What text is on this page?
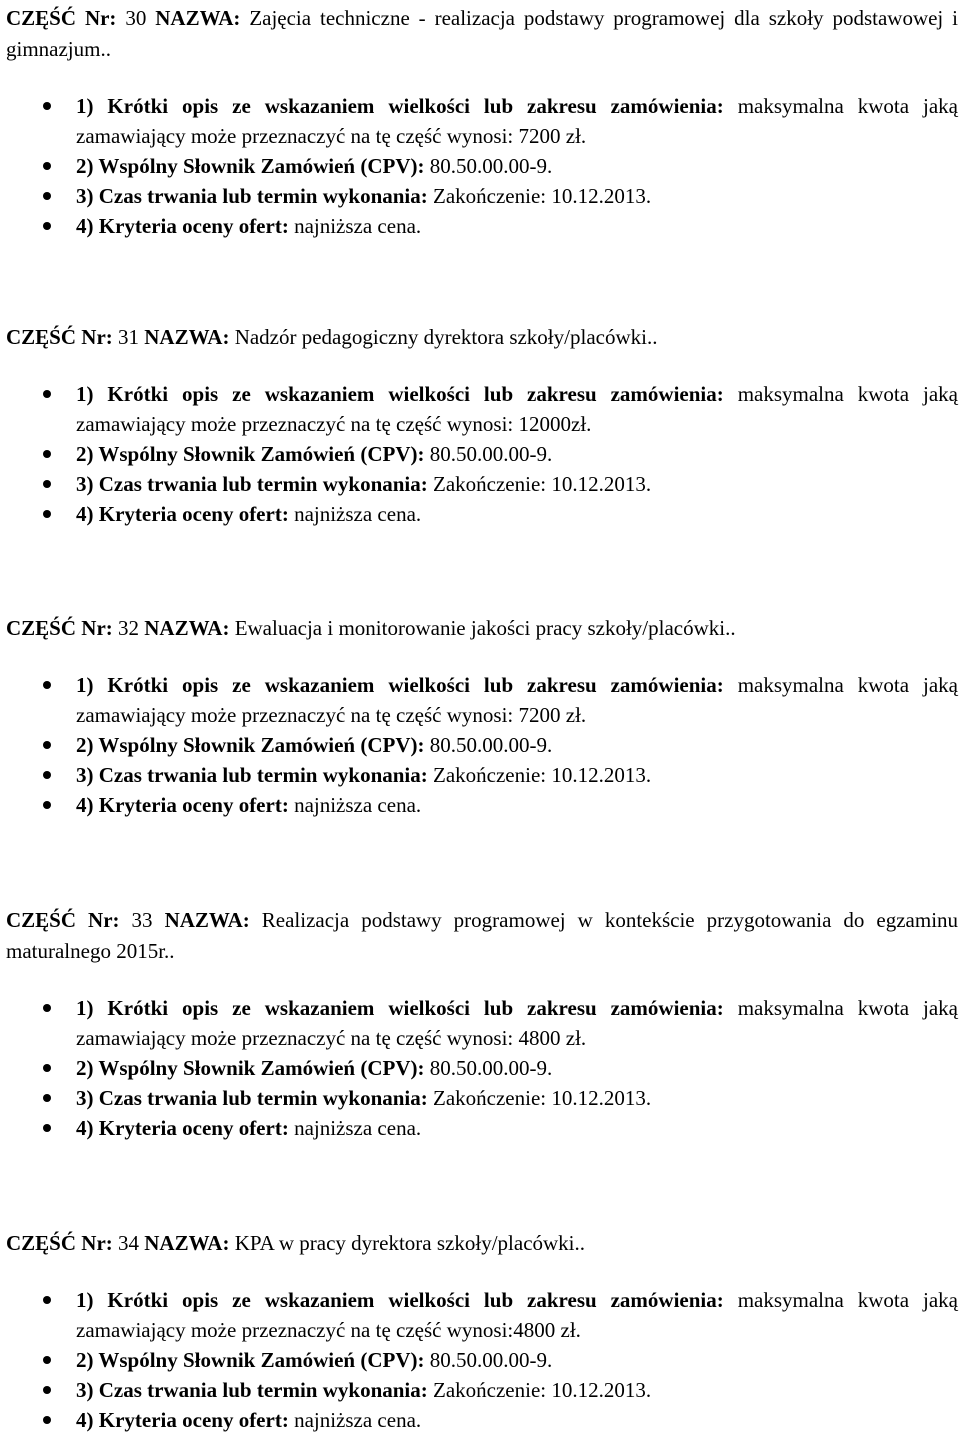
CZĘŚĆ Nr: 30 NAZWA: Zajęcia techniczne - realizacja podstawy programowej dla szkoły podstawowej i gimnazjum..

1) Krótki opis ze wskazaniem wielkości lub zakresu zamówienia: maksymalna kwota jaką zamawiający może przeznaczyć na tę część wynosi: 7200 zł.
2) Wspólny Słownik Zamówień (CPV): 80.50.00.00-9.
3) Czas trwania lub termin wykonania: Zakończenie: 10.12.2013.
4) Kryteria oceny ofert: najniższa cena.

CZĘŚĆ Nr: 31 NAZWA: Nadzór pedagogiczny dyrektora szkoły/placówki..

1) Krótki opis ze wskazaniem wielkości lub zakresu zamówienia: maksymalna kwota jaką zamawiający może przeznaczyć na tę część wynosi: 12000zł.
2) Wspólny Słownik Zamówień (CPV): 80.50.00.00-9.
3) Czas trwania lub termin wykonania: Zakończenie: 10.12.2013.
4) Kryteria oceny ofert: najniższa cena.

CZĘŚĆ Nr: 32 NAZWA: Ewaluacja i monitorowanie jakości pracy szkoły/placówki..

1) Krótki opis ze wskazaniem wielkości lub zakresu zamówienia: maksymalna kwota jaką zamawiający może przeznaczyć na tę część wynosi: 7200 zł.
2) Wspólny Słownik Zamówień (CPV): 80.50.00.00-9.
3) Czas trwania lub termin wykonania: Zakończenie: 10.12.2013.
4) Kryteria oceny ofert: najniższa cena.

CZĘŚĆ Nr: 33 NAZWA: Realizacja podstawy programowej w kontekście przygotowania do egzaminu maturalnego 2015r..

1) Krótki opis ze wskazaniem wielkości lub zakresu zamówienia: maksymalna kwota jaką zamawiający może przeznaczyć na tę część wynosi: 4800 zł.
2) Wspólny Słownik Zamówień (CPV): 80.50.00.00-9.
3) Czas trwania lub termin wykonania: Zakończenie: 10.12.2013.
4) Kryteria oceny ofert: najniższa cena.

CZĘŚĆ Nr: 34 NAZWA: KPA w pracy dyrektora szkoły/placówki..

1) Krótki opis ze wskazaniem wielkości lub zakresu zamówienia: maksymalna kwota jaką zamawiający może przeznaczyć na tę część wynosi:4800 zł.
2) Wspólny Słownik Zamówień (CPV): 80.50.00.00-9.
3) Czas trwania lub termin wykonania: Zakończenie: 10.12.2013.
4) Kryteria oceny ofert: najniższa cena.
